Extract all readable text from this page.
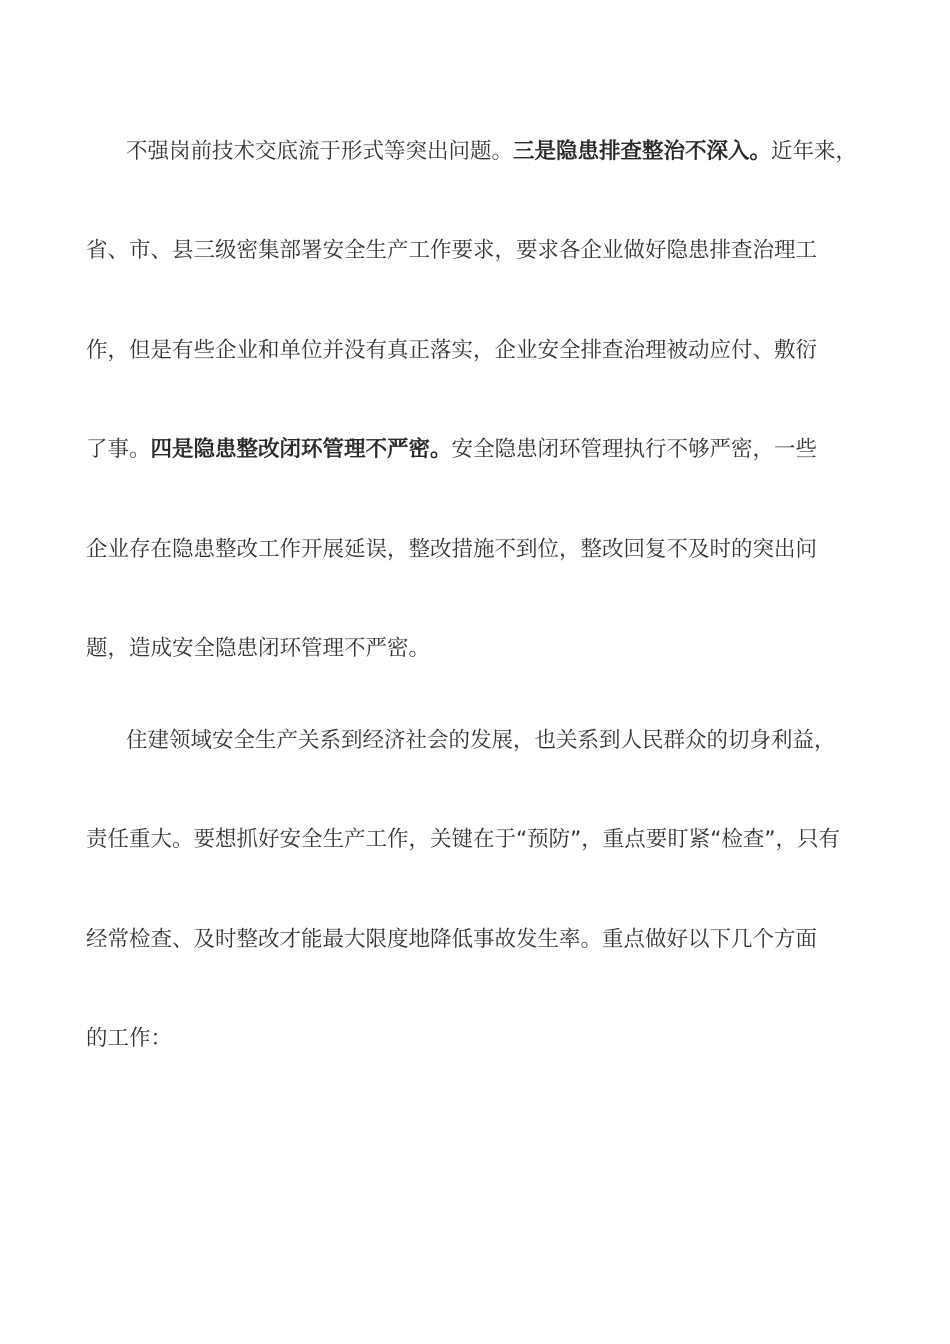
不强岗前技术交底流于形式等突出问题。三是隐患排查整治不深入。近年来，
省、市、县三级密集部署安全生产工作要求，要求各企业做好隐患排查治理工
作，但是有些企业和单位并没有真正落实，企业安全排查治理被动应付、敷衍
了事。四是隐患整改闭环管理不严密。安全隐患闭环管理执行不够严密，一些
企业存在隐患整改工作开展延误，整改措施不到位，整改回复不及时的突出问
题，造成安全隐患闭环管理不严密。
住建领域安全生产关系到经济社会的发展，也关系到人民群众的切身利益，
责任重大。要想抓好安全生产工作，关键在于“预防”，重点要盯紧“检查”，只有
经常检查、及时整改才能最大限度地降低事故发生率。重点做好以下几个方面
的工作：
